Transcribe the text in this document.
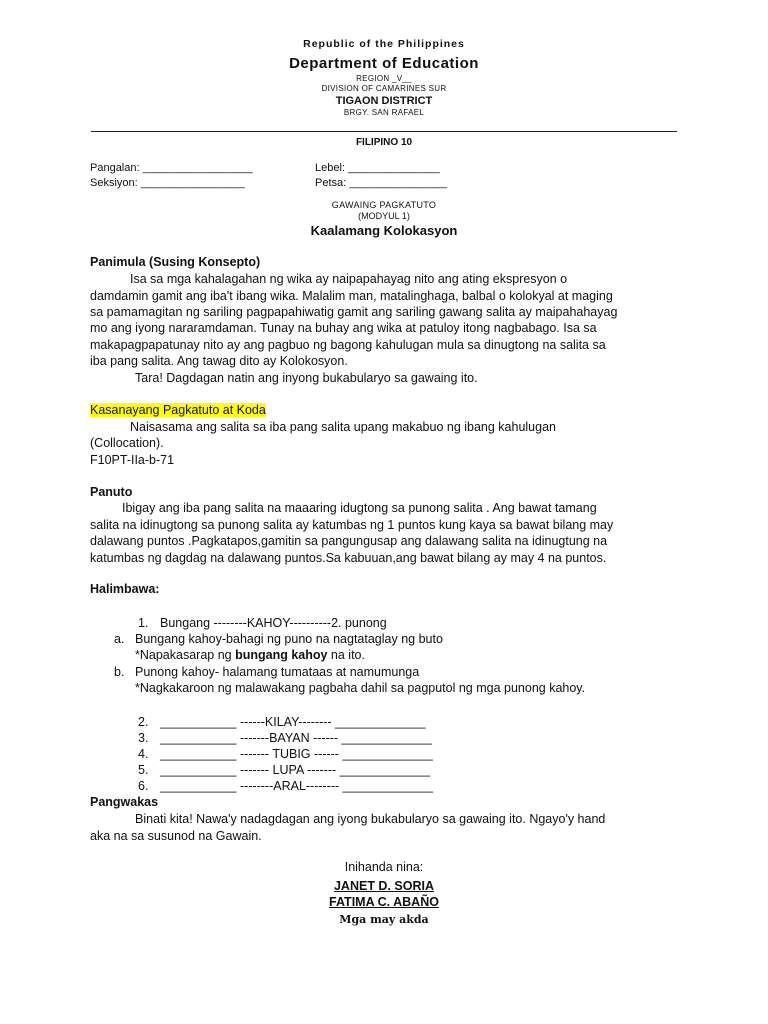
Republic of the Philippines
Department of Education
REGION _V__
DIVISION OF CAMARINES SUR
TIGAON DISTRICT
BRGY. SAN RAFAEL
FILIPINO 10
Pangalan: __________________	Lebel: _______________
Seksiyon: _________________	Petsa: ________________
GAWAING PAGKATUTO
(MODYUL 1)
Kaalamang Kolokasyon
Panimula (Susing Konsepto)
Isa sa mga kahalagahan ng wika ay naipapahayag nito ang ating ekspresyon o
damdamin gamit ang iba't ibang wika. Malalim man, matalinghaga, balbal o kolokyal at maging
sa pamamagitan ng sariling pagpapahiwatig gamit ang sariling gawang salita ay maipahahayag
mo ang iyong nararamdaman. Tunay na buhay ang wika at patuloy itong nagbabago. Isa sa
makapagpapatunay nito ay ang pagbuo ng bagong kahulugan mula sa dinugtong na salita sa
iba pang salita. Ang tawag dito ay Kolokosyon.
Tara! Dagdagan natin ang inyong bukabularyo sa gawaing ito.
Kasanayang Pagkatuto at Koda
Naisasama ang salita sa iba pang salita upang makabuo ng ibang kahulugan
(Collocation).
F10PT-IIa-b-71
Panuto
Ibigay ang iba pang salita na maaaring idugtong sa punong salita . Ang bawat tamang
salita na idinugtong sa punong salita ay katumbas ng 1 puntos kung kaya sa bawat bilang may
dalawang puntos .Pagkatapos,gamitin sa pangungusap ang dalawang salita na idinugtung na
katumbas ng dagdag na dalawang puntos.Sa kabuuan,ang bawat bilang ay may 4 na puntos.
Halimbawa:
1. Bungang --------KAHOY----------2. punong
a. Bungang kahoy-bahagi ng puno na nagtataglay ng buto
*Napakasarap ng bungang kahoy na ito.
b. Punong kahoy- halamang tumataas at namumunga
*Nagkakaroon ng malawakang pagbaha dahil sa pagputol ng mga punong kahoy.
2. ___________ ------KILAY-------- _____________
3. ___________ -------BAYAN ------ _____________
4. ___________ ------- TUBIG ------ _____________
5. ___________ ------- LUPA ------- _____________
6. ___________ --------ARAL-------- _____________
Pangwakas
Binati kita! Nawa'y nadagdagan ang iyong bukabularyo sa gawaing ito. Ngayo'y hand
aka na sa susunod na Gawain.
Inihanda nina:
JANET D. SORIA
FATIMA C. ABAÑO
Mga may akda
